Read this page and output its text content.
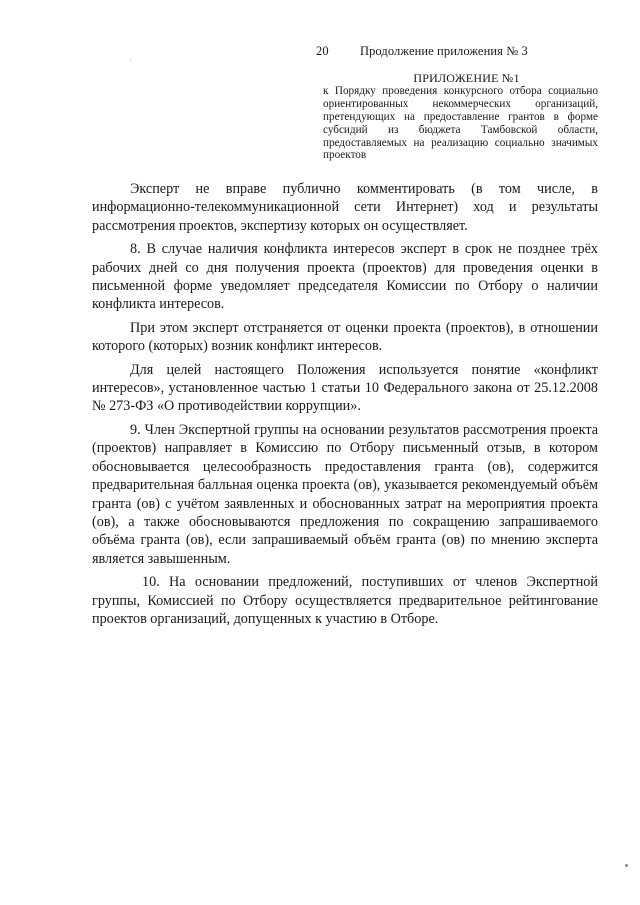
20 Продолжение приложения № 3
ПРИЛОЖЕНИЕ №1
к Порядку проведения конкурсного отбора социально ориентированных некоммерческих организаций, претендующих на предоставление грантов в форме субсидий из бюджета Тамбовской области, предоставляемых на реализацию социально значимых проектов

Эксперт не вправе публично комментировать (в том числе, в информационно-телекоммуникационной сети Интернет) ход и результаты рассмотрения проектов, экспертизу которых он осуществляет.

8. В случае наличия конфликта интересов эксперт в срок не позднее трёх рабочих дней со дня получения проекта (проектов) для проведения оценки в письменной форме уведомляет председателя Комиссии по Отбору о наличии конфликта интересов.

При этом эксперт отстраняется от оценки проекта (проектов), в отношении которого (которых) возник конфликт интересов.

Для целей настоящего Положения используется понятие «конфликт интересов», установленное частью 1 статьи 10 Федерального закона от 25.12.2008 № 273-ФЗ «О противодействии коррупции».

9. Член Экспертной группы на основании результатов рассмотрения проекта (проектов) направляет в Комиссию по Отбору письменный отзыв, в котором обосновывается целесообразность предоставления гранта (ов), содержится предварительная балльная оценка проекта (ов), указывается рекомендуемый объём гранта (ов) с учётом заявленных и обоснованных затрат на мероприятия проекта (ов), а также обосновываются предложения по сокращению запрашиваемого объёма гранта (ов), если запрашиваемый объём гранта (ов) по мнению эксперта является завышенным.

10. На основании предложений, поступивших от членов Экспертной группы, Комиссией по Отбору осуществляется предварительное рейтингование проектов организаций, допущенных к участию в Отборе.
